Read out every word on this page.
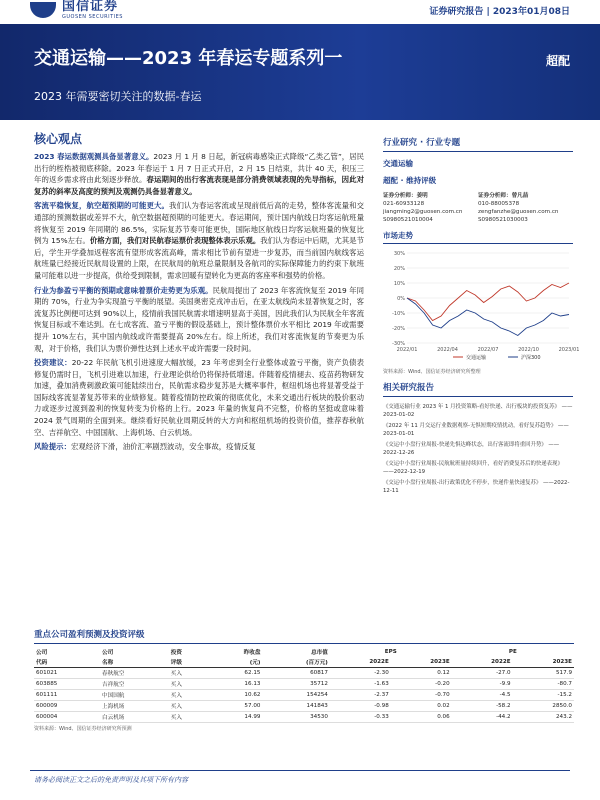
国信证券
GUOSEN SECURITIES	证券研究报告 | 2023年01月08日
交通运输——2023 年春运专题系列一
2023 年需要密切关注的数据-春运
超配
核心观点

2023 春运数据观测具备显著意义。2023 月 1 月 8 日起，新冠病毒感染正式降级“乙类乙管”，居民出行的桎梏被彻底移除。2023 年春运于 1 月 7 日正式开启，2 月 15 日结束，共计 40 天，积压三年的返乡需求将由此刻逐步释放。春运期间的出行客流表现是部分消费领域表现的先导指标，因此对复苏的斜率及高度的预判及观测仍具备显著意义。

客流平稳恢复，航空超预期的可能更大。我们认为春运客流或呈现前低后高的走势，整体客流量和交通部的预测数据或差异不大，航空数据超预期的可能更大。春运期间，预计国内航线日均客运航班量将恢复至 2019 年同期的 86.5%，实际复苏节奏可能更快，国际地区航线日均客运航班量的恢复比例为 15%左右。价格方面，我们对民航春运票价表现整体表示乐观。我们认为春运中后期，尤其是节后，学生开学叠加返程客流有望形成客流高峰，需求相比节前有望进一步复苏，而当前国内航线客运航班量已经接近民航局设置的上限，在民航局的航班总量限制及各航司的实际保障能力的约束下航班量可能难以进一步提高，供给受到限制，需求回暖有望转化为更高的客座率和强势的价格。

行业为参盈亏平衡的预期或意味着票价走势更为乐观。民航局提出了 2023 年客流恢复至 2019 年同期的 70%，行业为争实现盈亏平衡的展望。美国奥密克戎冲击后，在亚太航线尚未显著恢复之时，客流复苏比例便可达到 90%以上，疫情前我国民航需求增速明显高于美国，因此我们认为民航全年客流恢复目标或不难达到。在七成客流、盈亏平衡的假设基础上，预计整体票价水平相比 2019 年或需要提升 10%左右，其中国内航线或许需要提高 20%左右。综上所述，我们对客流恢复的节奏更为乐观，对于价格，我们认为票价弹性达到上述水平或许需要一段时间。

投资建议：20-22 年民航飞机引进速度大幅放缓，23 年考虑到全行业整体或盈亏平衡，资产负债表修复仍需时日，飞机引进难以加速，行业理论供给仍将保持低增速。伴随着疫情褪去、疫苗药物研发加速，叠加消费刺激政策可能陆续出台，民航需求稳步复苏是大概率事件，枢纽机场也将显著受益于国际线客流显著复苏带来的业绩修复。随着疫情防控政策的彻底优化，未来交通出行板块的股价驱动力或逐步过渡到盈利的恢复转变为价格的上行。2023 年量的恢复尚不完整，价格的坚挺或意味着 2024 景气周期的全面到来。继续看好民航业周期反转的大方向和枢纽机场的投资价值，推荐春秋航空、吉祥航空、中国国航、上海机场、白云机场。

风险提示：宏观经济下滑，油价汇率剧烈波动，安全事故，疫情反复

行业研究 · 行业专题
交通运输
超配 · 维持评级
证券分析师：姜明
021-60933128
jiangming2@guosen.com.cn
S0980521010004
证券分析师：曾凡喆
010-88005378
zengfanzhe@guosen.com.cn
S0980521030003
市场走势
30%
20%
10%
0%
-10%
-20%
-30%
2022/01	2022/04	2022/07	2022/10	2023/01
交通运输	沪深300
资料来源：Wind、国信证券经济研究所整理
相关研究报告
《交通运输行业 2023 年 1 月投资策略-看好快递、出行板块的投资复苏》 ——2023-01-02
《2022 年 11 月交运行业数据观察-无惧短期疫情扰动，看好复苏趋势》 ——2023-01-01
《交运中小盘行业周报-快递先惧达峰状态，出行客流即将重回升势》 ——2022-12-26
《交运中小盘行业周报-民航航班量持续回升，看好消费复苏后的快递表现》 ——2022-12-19
《交运中小盘行业周报-出行政策优化不停步，快递件量快速复苏》 ——2022-12-11
重点公司盈利预测及投资评级
公司	公司	投资	昨收盘	总市值	EPS		PE	
代码	名称	评级	(元)	(百万元)	2022E	2023E	2022E	2023E
601021	春秋航空	买入	62.15	60817	-2.30	0.12	-27.0	517.9
603885	吉祥航空	买入	16.13	35712	-1.63	-0.20	-9.9	-80.7
601111	中国国航	买入	10.62	154254	-2.37	-0.70	-4.5	-15.2
600009	上海机场	买入	57.00	141843	-0.98	0.02	-58.2	2850.0
600004	白云机场	买入	14.99	34530	-0.33	0.06	-44.2	243.2
资料来源：Wind、国信证券经济研究所预测
请务必阅读正文之后的免责声明及其项下所有内容
